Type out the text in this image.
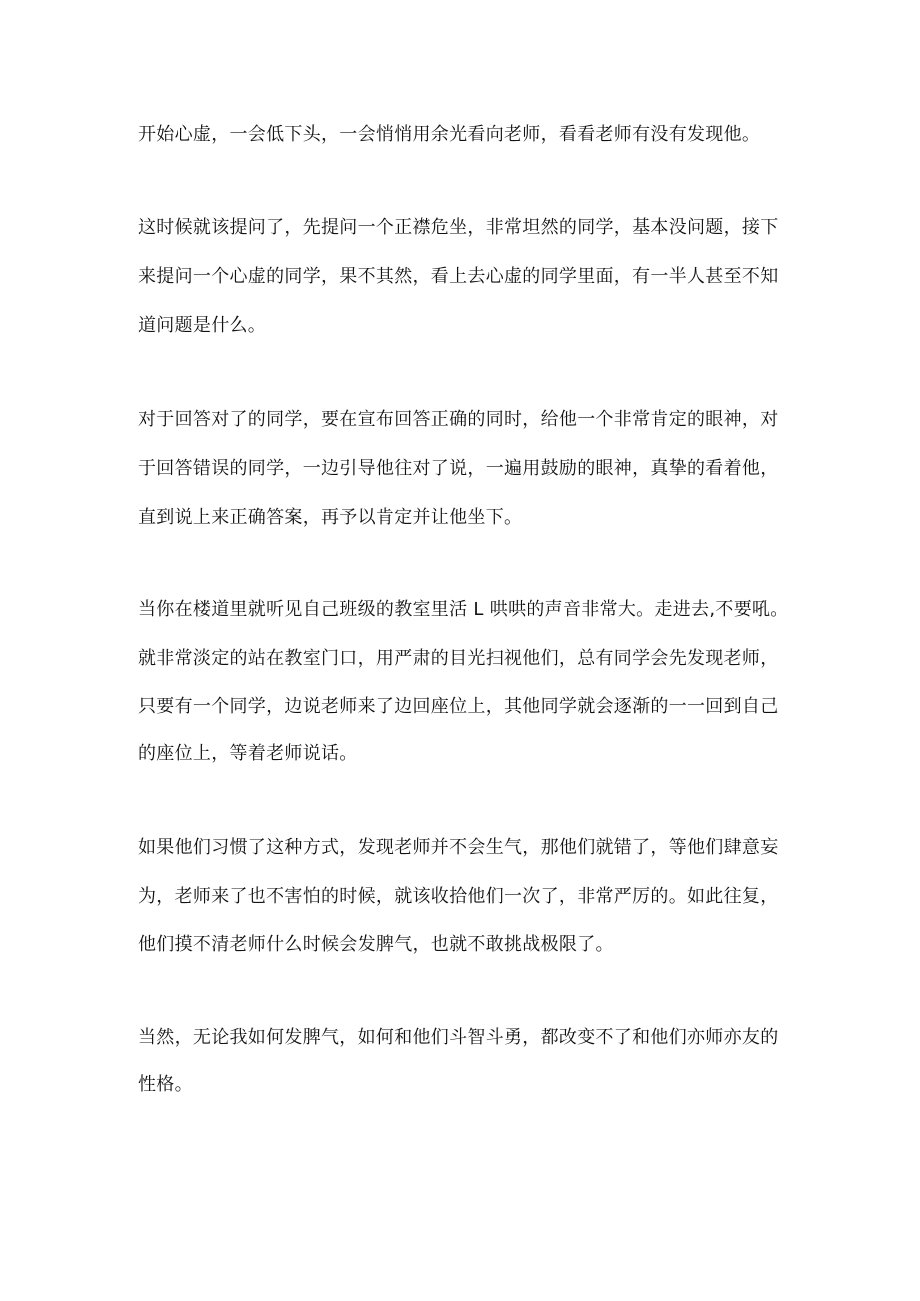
开始心虚，一会低下头，一会悄悄用余光看向老师，看看老师有没有发现他。

这时候就该提问了，先提问一个正襟危坐，非常坦然的同学，基本没问题，接下

来提问一个心虚的同学，果不其然，看上去心虚的同学里面，有一半人甚至不知

道问题是什么。

对于回答对了的同学，要在宣布回答正确的同时，给他一个非常肯定的眼神，对

于回答错误的同学，一边引导他往对了说，一遍用鼓励的眼神，真挚的看着他，

直到说上来正确答案，再予以肯定并让他坐下。

当你在楼道里就听见自己班级的教室里活 L 哄哄的声音非常大。走进去,不要吼。

就非常淡定的站在教室门口，用严肃的目光扫视他们，总有同学会先发现老师，

只要有一个同学，边说老师来了边回座位上，其他同学就会逐渐的一一回到自己

的座位上，等着老师说话。

如果他们习惯了这种方式，发现老师并不会生气，那他们就错了，等他们肆意妄

为，老师来了也不害怕的时候，就该收拾他们一次了，非常严厉的。如此往复，

他们摸不清老师什么时候会发脾气，也就不敢挑战极限了。

当然，无论我如何发脾气，如何和他们斗智斗勇，都改变不了和他们亦师亦友的

性格。
